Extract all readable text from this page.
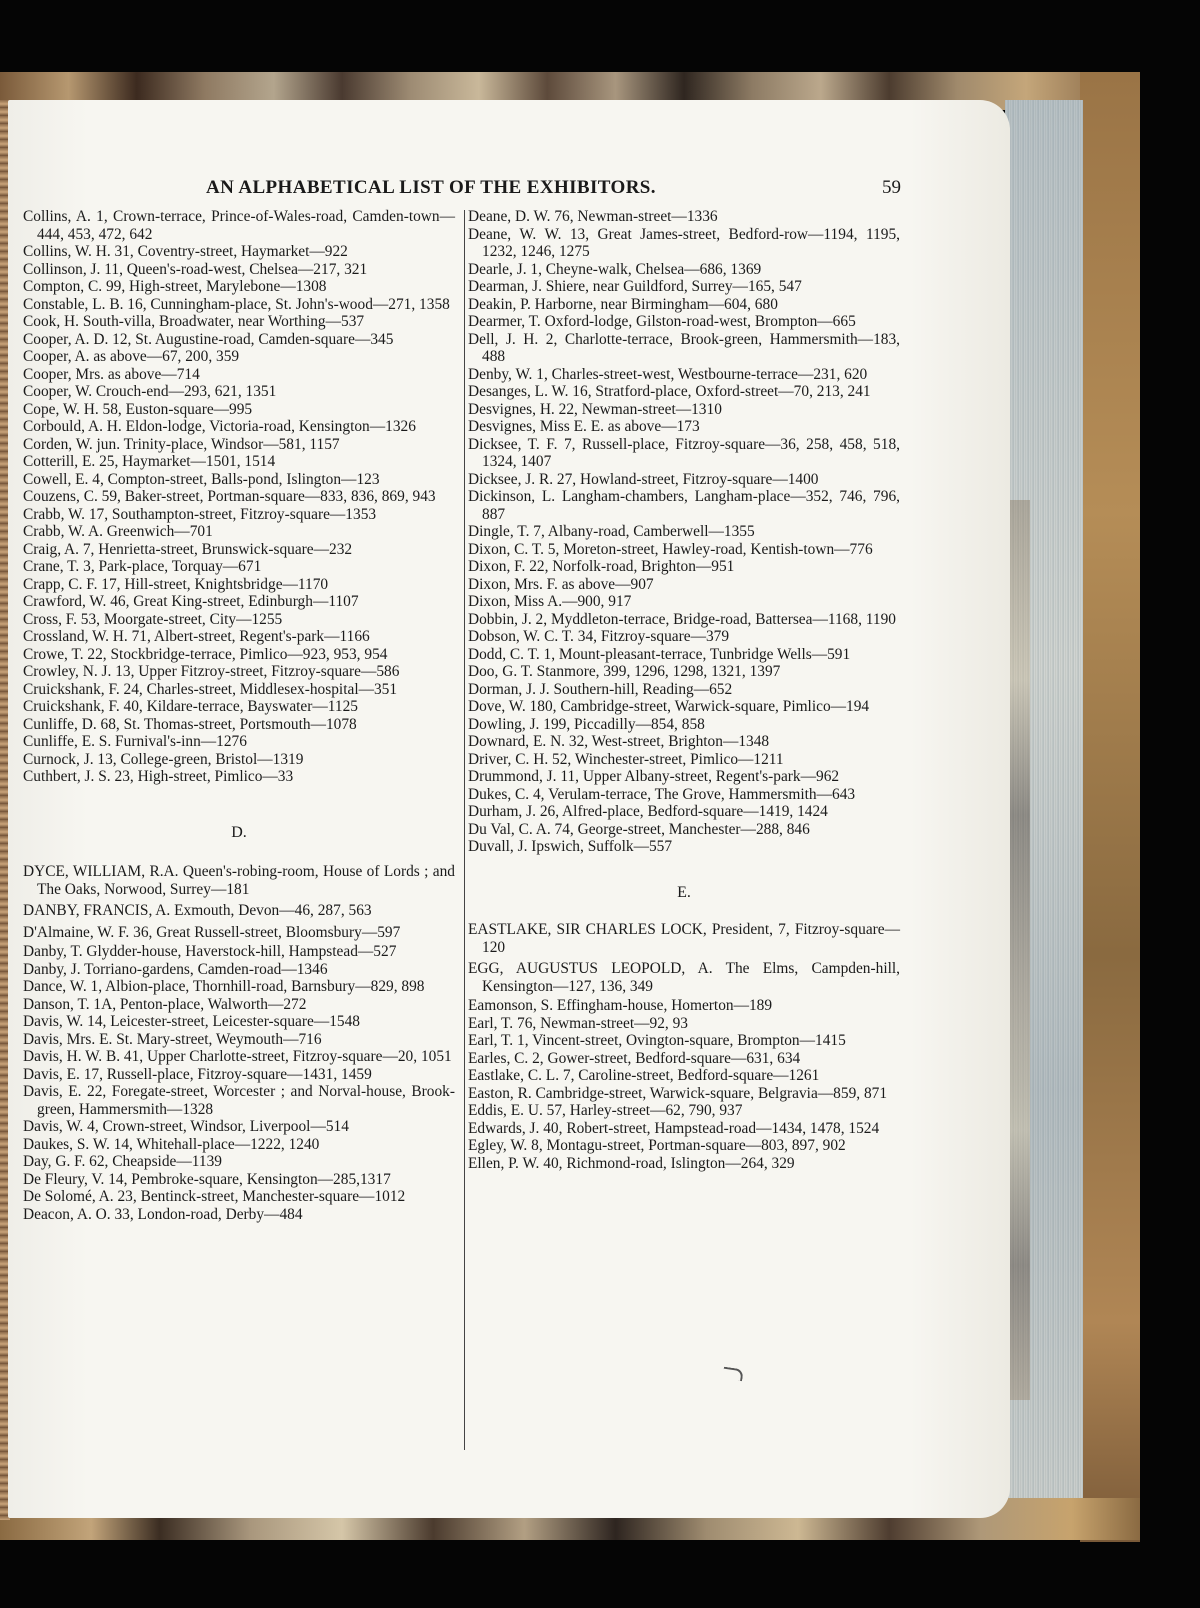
AN ALPHABETICAL LIST OF THE EXHIBITORS.	59

Collins, A. 1, Crown-terrace, Prince-of-Wales-road, Camden-town—444, 453, 472, 642

Collins, W. H. 31, Coventry-street, Haymarket—922

Collinson, J. 11, Queen's-road-west, Chelsea—217, 321

Compton, C. 99, High-street, Marylebone—1308

Constable, L. B. 16, Cunningham-place, St. John's-wood—271, 1358

Cook, H. South-villa, Broadwater, near Worthing—537

Cooper, A. D. 12, St. Augustine-road, Camden-square—345

Cooper, A. as above—67, 200, 359

Cooper, Mrs. as above—714

Cooper, W. Crouch-end—293, 621, 1351

Cope, W. H. 58, Euston-square—995

Corbould, A. H. Eldon-lodge, Victoria-road, Kensington—1326

Corden, W. jun. Trinity-place, Windsor—581, 1157

Cotterill, E. 25, Haymarket—1501, 1514

Cowell, E. 4, Compton-street, Balls-pond, Islington—123

Couzens, C. 59, Baker-street, Portman-square—833, 836, 869, 943

Crabb, W. 17, Southampton-street, Fitzroy-square—1353

Crabb, W. A. Greenwich—701

Craig, A. 7, Henrietta-street, Brunswick-square—232

Crane, T. 3, Park-place, Torquay—671

Crapp, C. F. 17, Hill-street, Knightsbridge—1170

Crawford, W. 46, Great King-street, Edinburgh—1107

Cross, F. 53, Moorgate-street, City—1255

Crossland, W. H. 71, Albert-street, Regent's-park—1166

Crowe, T. 22, Stockbridge-terrace, Pimlico—923, 953, 954

Crowley, N. J. 13, Upper Fitzroy-street, Fitzroy-square—586

Cruickshank, F. 24, Charles-street, Middlesex-hospital—351

Cruickshank, F. 40, Kildare-terrace, Bayswater—1125

Cunliffe, D. 68, St. Thomas-street, Portsmouth—1078

Cunliffe, E. S. Furnival's-inn—1276

Curnock, J. 13, College-green, Bristol—1319

Cuthbert, J. S. 23, High-street, Pimlico—33

D.

DYCE, WILLIAM, R.A. Queen's-robing-room, House of Lords ; and The Oaks, Norwood, Surrey—181

DANBY, FRANCIS, A. Exmouth, Devon—46, 287, 563

D'Almaine, W. F. 36, Great Russell-street, Bloomsbury—597

Danby, T. Glydder-house, Haverstock-hill, Hampstead—527

Danby, J. Torriano-gardens, Camden-road—1346

Dance, W. 1, Albion-place, Thornhill-road, Barnsbury—829, 898

Danson, T. 1A, Penton-place, Walworth—272

Davis, W. 14, Leicester-street, Leicester-square—1548

Davis, Mrs. E. St. Mary-street, Weymouth—716

Davis, H. W. B. 41, Upper Charlotte-street, Fitzroy-square—20, 1051

Davis, E. 17, Russell-place, Fitzroy-square—1431, 1459

Davis, E. 22, Foregate-street, Worcester ; and Norval-house, Brook-green, Hammersmith—1328

Davis, W. 4, Crown-street, Windsor, Liverpool—514

Daukes, S. W. 14, Whitehall-place—1222, 1240

Day, G. F. 62, Cheapside—1139

De Fleury, V. 14, Pembroke-square, Kensington—285,1317

De Solomé, A. 23, Bentinck-street, Manchester-square—1012

Deacon, A. O. 33, London-road, Derby—484

Deane, D. W. 76, Newman-street—1336

Deane, W. W. 13, Great James-street, Bedford-row—1194, 1195, 1232, 1246, 1275

Dearle, J. 1, Cheyne-walk, Chelsea—686, 1369

Dearman, J. Shiere, near Guildford, Surrey—165, 547

Deakin, P. Harborne, near Birmingham—604, 680

Dearmer, T. Oxford-lodge, Gilston-road-west, Brompton—665

Dell, J. H. 2, Charlotte-terrace, Brook-green, Hammersmith—183, 488

Denby, W. 1, Charles-street-west, Westbourne-terrace—231, 620

Desanges, L. W. 16, Stratford-place, Oxford-street—70, 213, 241

Desvignes, H. 22, Newman-street—1310

Desvignes, Miss E. E. as above—173

Dicksee, T. F. 7, Russell-place, Fitzroy-square—36, 258, 458, 518, 1324, 1407

Dicksee, J. R. 27, Howland-street, Fitzroy-square—1400

Dickinson, L. Langham-chambers, Langham-place—352, 746, 796, 887

Dingle, T. 7, Albany-road, Camberwell—1355

Dixon, C. T. 5, Moreton-street, Hawley-road, Kentish-town—776

Dixon, F. 22, Norfolk-road, Brighton—951

Dixon, Mrs. F. as above—907

Dixon, Miss A.—900, 917

Dobbin, J. 2, Myddleton-terrace, Bridge-road, Battersea—1168, 1190

Dobson, W. C. T. 34, Fitzroy-square—379

Dodd, C. T. 1, Mount-pleasant-terrace, Tunbridge Wells—591

Doo, G. T. Stanmore, 399, 1296, 1298, 1321, 1397

Dorman, J. J. Southern-hill, Reading—652

Dove, W. 180, Cambridge-street, Warwick-square, Pimlico—194

Dowling, J. 199, Piccadilly—854, 858

Downard, E. N. 32, West-street, Brighton—1348

Driver, C. H. 52, Winchester-street, Pimlico—1211

Drummond, J. 11, Upper Albany-street, Regent's-park—962

Dukes, C. 4, Verulam-terrace, The Grove, Hammersmith—643

Durham, J. 26, Alfred-place, Bedford-square—1419, 1424

Du Val, C. A. 74, George-street, Manchester—288, 846

Duvall, J. Ipswich, Suffolk—557

E.

EASTLAKE, SIR CHARLES LOCK, President, 7, Fitzroy-square—120

EGG, AUGUSTUS LEOPOLD, A. The Elms, Campden-hill, Kensington—127, 136, 349

Eamonson, S. Effingham-house, Homerton—189

Earl, T. 76, Newman-street—92, 93

Earl, T. 1, Vincent-street, Ovington-square, Brompton—1415

Earles, C. 2, Gower-street, Bedford-square—631, 634

Eastlake, C. L. 7, Caroline-street, Bedford-square—1261

Easton, R. Cambridge-street, Warwick-square, Belgravia—859, 871

Eddis, E. U. 57, Harley-street—62, 790, 937

Edwards, J. 40, Robert-street, Hampstead-road—1434, 1478, 1524

Egley, W. 8, Montagu-street, Portman-square—803, 897, 902

Ellen, P. W. 40, Richmond-road, Islington—264, 329
